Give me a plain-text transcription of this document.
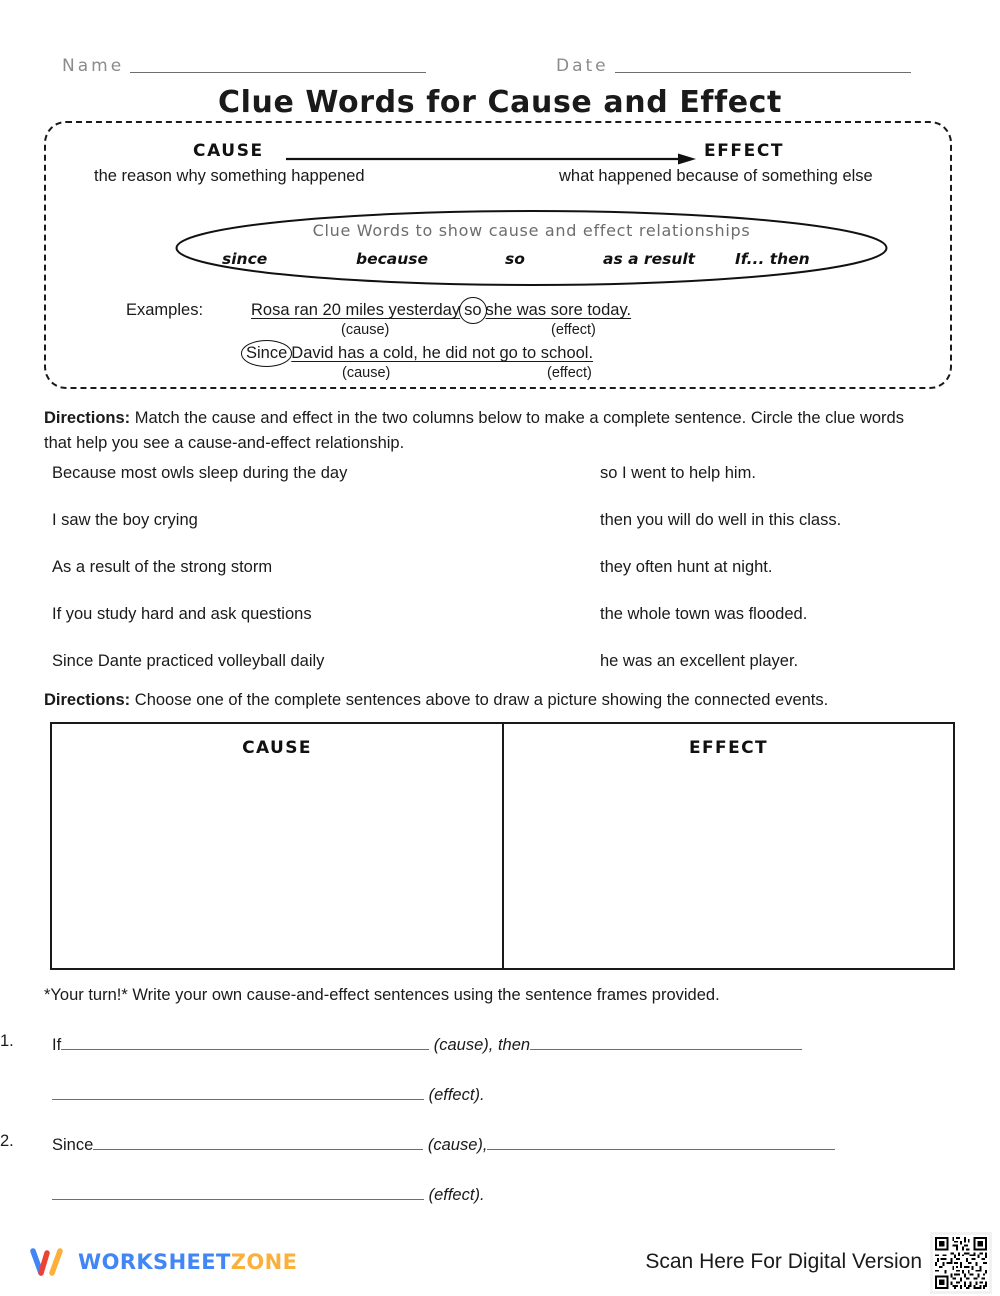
Name	Date
Clue Words for Cause and Effect
CAUSE	EFFECT
the reason why something happened	what happened because of something else
Clue Words to show cause and effect relationships
since	because	so	as a result	If... then
Examples:	Rosa ran 20 miles yesterday so she was sore today.
(cause)	(effect)
Since David has a cold, he did not go to school.
(cause)	(effect)
Directions: Match the cause and effect in the two columns below to make a complete sentence. Circle the clue words that help you see a cause-and-effect relationship.
Because most owls sleep during the day	so I went to help him.
I saw the boy crying	then you will do well in this class.
As a result of the strong storm	they often hunt at night.
If you study hard and ask questions	the whole town was flooded.
Since Dante practiced volleyball daily	he was an excellent player.
Directions: Choose one of the complete sentences above to draw a picture showing the connected events.
CAUSE	EFFECT
*Your turn!* Write your own cause-and-effect sentences using the sentence frames provided.
1. If	(cause), then
(effect).
2. Since	(cause),
(effect).
WORKSHEETZONE	Scan Here For Digital Version
